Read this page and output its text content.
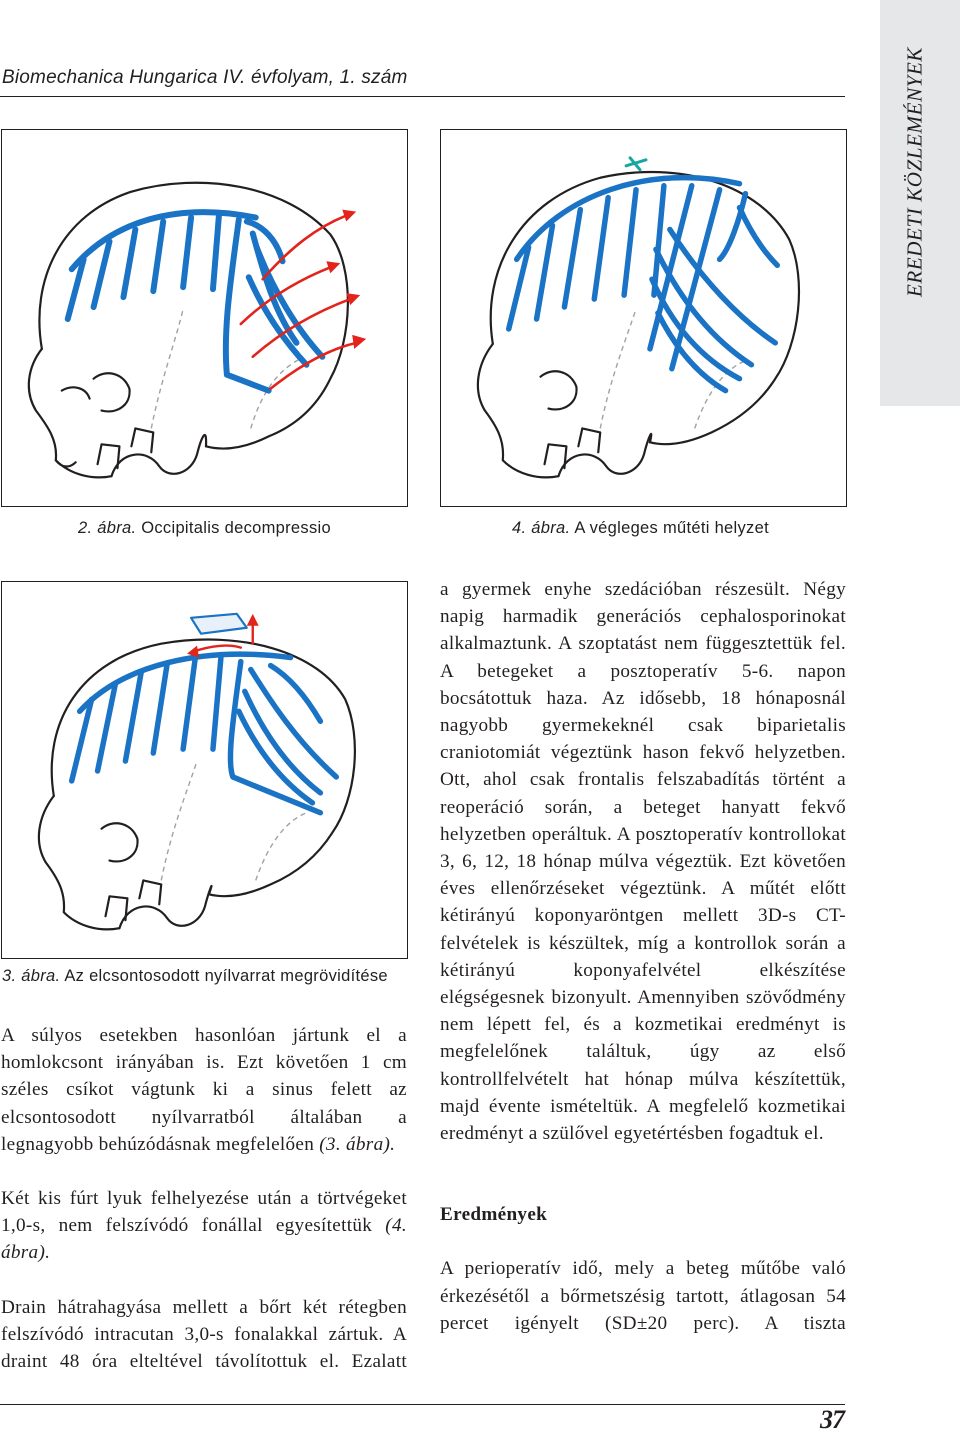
Biomechanica Hungarica IV. évfolyam, 1. szám	EREDETI KÖZLEMÉNYEK
2. ábra. Occipitalis decompressio	4. ábra. A végleges műtéti helyzet
3. ábra. Az elcsontosodott nyílvarrat megrövidítése

A súlyos esetekben hasonlóan jártunk el a homlokcsont irányában is. Ezt követően 1 cm széles csíkot vágtunk ki a sinus felett az elcsontosodott nyílvarratból általában a legnagyobb behúzódásnak megfelelően (3. ábra).

Két kis fúrt lyuk felhelyezése után a törtvégeket 1,0-s, nem felszívódó fonállal egyesítettük (4. ábra).

Drain hátrahagyása mellett a bőrt két rétegben felszívódó intracutan 3,0-s fonalakkal zártuk. A draint 48 óra elteltével távolítottuk el. Ezalatt

a gyermek enyhe szedációban részesült. Négy napig harmadik generációs cephalosporinokat alkalmaztunk. A szoptatást nem függesztettük fel. A betegeket a posztoperatív 5-6. napon bocsátottuk haza. Az idősebb, 18 hónaposnál nagyobb gyermekeknél csak biparietalis craniotomiát végeztünk hason fekvő helyzetben. Ott, ahol csak frontalis felszabadítás történt a reoperáció során, a beteget hanyatt fekvő helyzetben operáltuk. A posztoperatív kontrollokat 3, 6, 12, 18 hónap múlva végeztük. Ezt követően éves ellenőrzéseket végeztünk. A műtét előtt kétirányú koponyaröntgen mellett 3D-s CT-felvételek is készültek, míg a kontrollok során a kétirányú koponyafelvétel elkészítése elégségesnek bizonyult. Amennyiben szövődmény nem lépett fel, és a kozmetikai eredményt is megfelelőnek találtuk, úgy az első kontrollfelvételt hat hónap múlva készítettük, majd évente ismételtük. A megfelelő kozmetikai eredményt a szülővel egyetértésben fogadtuk el.

Eredmények

A perioperatív idő, mely a beteg műtőbe való érkezésétől a bőrmetszésig tartott, átlagosan 54 percet igényelt (SD±20 perc). A tiszta

37
